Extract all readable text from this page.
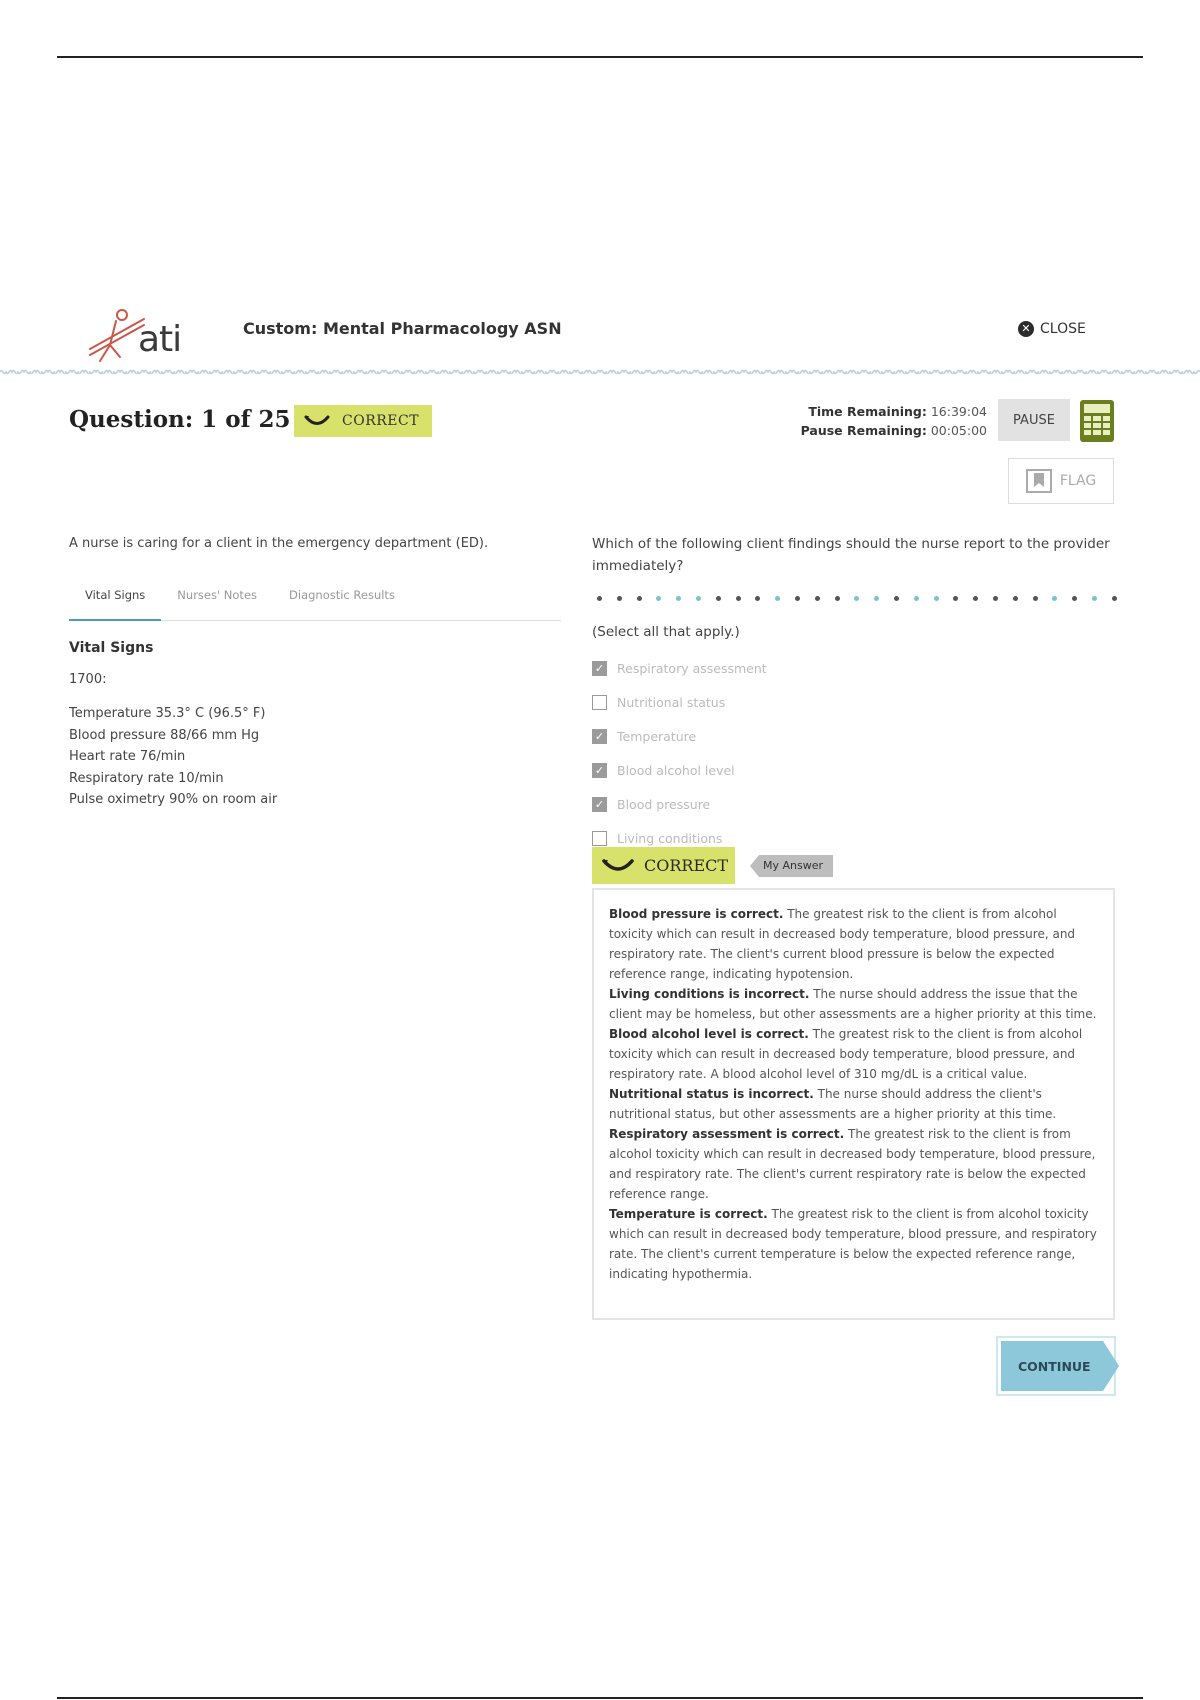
ati	Custom: Mental Pharmacology ASN	✕ CLOSE
Question: 1 of 25	CORRECT
Time Remaining: 16:39:04
Pause Remaining: 00:05:00
PAUSE
FLAG
A nurse is caring for a client in the emergency department (ED).
Vital Signs	Nurses' Notes	Diagnostic Results
Vital Signs
1700:
Temperature 35.3° C (96.5° F)
Blood pressure 88/66 mm Hg
Heart rate 76/min
Respiratory rate 10/min
Pulse oximetry 90% on room air
Which of the following client findings should the nurse report to the provider immediately?
(Select all that apply.)
✓ Respiratory assessment
Nutritional status
✓ Temperature
✓ Blood alcohol level
✓ Blood pressure
Living conditions
CORRECT	My Answer

Blood pressure is correct. The greatest risk to the client is from alcohol toxicity which can result in decreased body temperature, blood pressure, and respiratory rate. The client's current blood pressure is below the expected reference range, indicating hypotension.

Living conditions is incorrect. The nurse should address the issue that the client may be homeless, but other assessments are a higher priority at this time.

Blood alcohol level is correct. The greatest risk to the client is from alcohol toxicity which can result in decreased body temperature, blood pressure, and respiratory rate. A blood alcohol level of 310 mg/dL is a critical value.

Nutritional status is incorrect. The nurse should address the client's nutritional status, but other assessments are a higher priority at this time.

Respiratory assessment is correct. The greatest risk to the client is from alcohol toxicity which can result in decreased body temperature, blood pressure, and respiratory rate. The client's current respiratory rate is below the expected reference range.

Temperature is correct. The greatest risk to the client is from alcohol toxicity which can result in decreased body temperature, blood pressure, and respiratory rate. The client's current temperature is below the expected reference range, indicating hypothermia.

CONTINUE
